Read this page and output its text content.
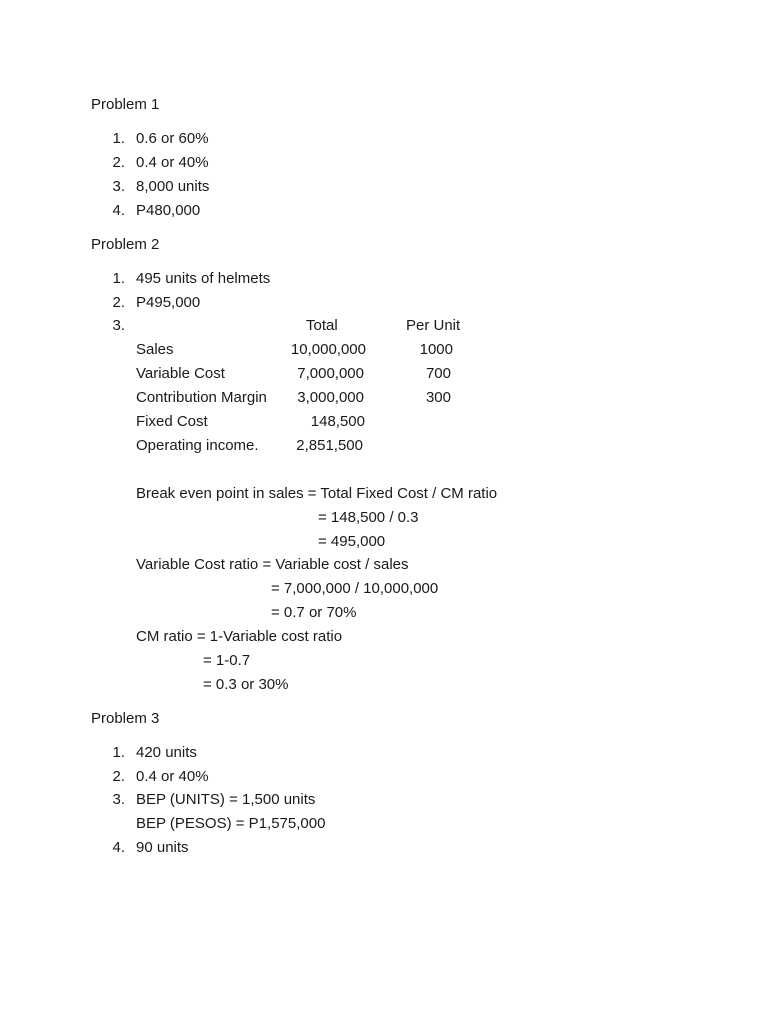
Problem 1
1. 0.6 or 60%
2. 0.4 or 40%
3. 8,000 units
4. P480,000
Problem 2
1. 495 units of helmets
2. P495,000
3.	Total	Per Unit
Sales	10,000,000	1000
Variable Cost	7,000,000	700
Contribution Margin	3,000,000	300
Fixed Cost	148,500
Operating income.	2,851,500
Break even point in sales = Total Fixed Cost / CM ratio
= 148,500 / 0.3
= 495,000
Variable Cost ratio = Variable cost / sales
= 7,000,000 / 10,000,000
= 0.7 or 70%
CM ratio = 1-Variable cost ratio
= 1-0.7
= 0.3 or 30%
Problem 3
1. 420 units
2. 0.4 or 40%
3. BEP (UNITS) = 1,500 units
BEP (PESOS) = P1,575,000
4. 90 units
